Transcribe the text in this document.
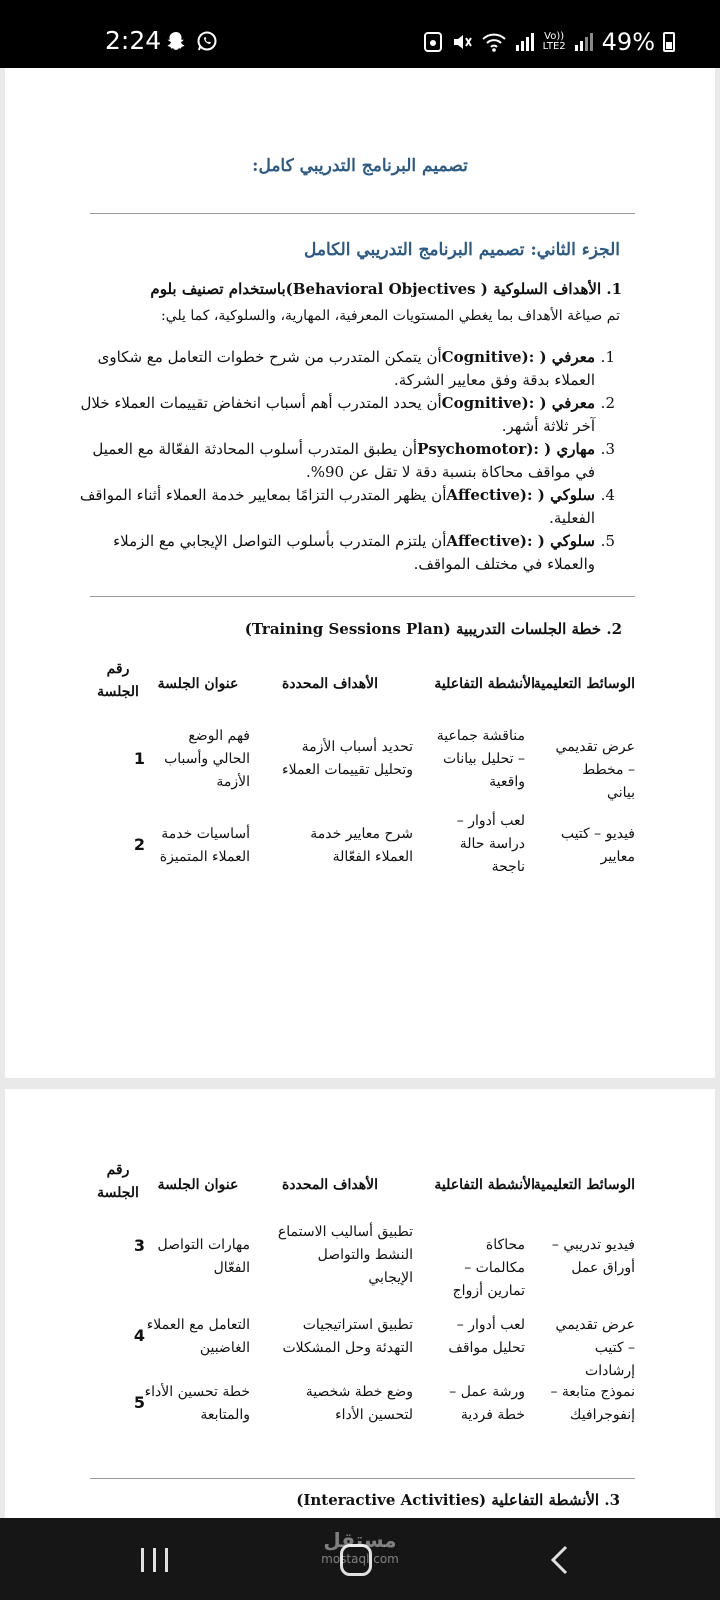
2:24	Vo))
LTE2 49%
تصميم البرنامج التدريبي كامل:
الجزء الثاني: تصميم البرنامج التدريبي الكامل
1. الأهداف السلوكية ( Behavioral Objectives)باستخدام تصنيف بلوم
تم صياغة الأهداف بما يغطي المستويات المعرفية، المهارية، والسلوكية، كما يلي:
1.
معرفي ( :(Cognitiveأن يتمكن المتدرب من شرح خطوات التعامل مع شكاوى العملاء بدقة وفق معايير الشركة.
2.
معرفي ( :(Cognitiveأن يحدد المتدرب أهم أسباب انخفاض تقييمات العملاء خلال آخر ثلاثة أشهر.
3.
مهاري ( :(Psychomotorأن يطبق المتدرب أسلوب المحادثة الفعّالة مع العميل في مواقف محاكاة بنسبة دقة لا تقل عن 90%.
4.
سلوكي ( :(Affectiveأن يظهر المتدرب التزامًا بمعايير خدمة العملاء أثناء المواقف الفعلية.
5.
سلوكي ( :(Affectiveأن يلتزم المتدرب بأسلوب التواصل الإيجابي مع الزملاء والعملاء في مختلف المواقف.
2. خطة الجلسات التدريبية (Training Sessions Plan)
الوسائط التعليمية
الأنشطة التفاعلية
الأهداف المحددة
عنوان الجلسة
رقم الجلسة
عرض تقديمي – مخطط بياني
مناقشة جماعية – تحليل بيانات واقعية
تحديد أسباب الأزمة وتحليل تقييمات العملاء
فهم الوضع الحالي وأسباب الأزمة
1
فيديو – كتيب معايير
لعب أدوار – دراسة حالة ناجحة
شرح معايير خدمة العملاء الفعّالة
أساسيات خدمة العملاء المتميزة
2
الوسائط التعليمية
الأنشطة التفاعلية
الأهداف المحددة
عنوان الجلسة
رقم الجلسة
فيديو تدريبي – أوراق عمل
محاكاة مكالمات – تمارين أزواج
تطبيق أساليب الاستماع النشط والتواصل الإيجابي
مهارات التواصل الفعّال
3
عرض تقديمي – كتيب إرشادات
لعب أدوار – تحليل مواقف
تطبيق استراتيجيات التهدئة وحل المشكلات
التعامل مع العملاء الغاضبين
4
نموذج متابعة – إنفوجرافيك
ورشة عمل – خطة فردية
وضع خطة شخصية لتحسين الأداء
خطة تحسين الأداء والمتابعة
5
3. الأنشطة التفاعلية (Interactive Activities)
مستقل
mostaql.com
